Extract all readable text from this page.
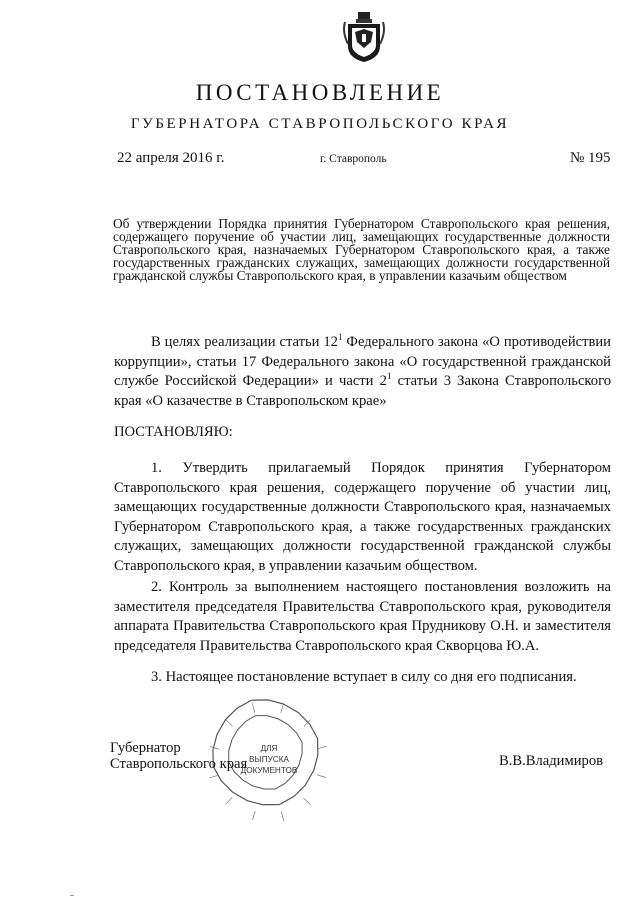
ПОСТАНОВЛЕНИЕ
ГУБЕРНАТОРА СТАВРОПОЛЬСКОГО КРАЯ
22 апреля 2016 г.	г. Ставрополь	№ 195

Об утверждении Порядка принятия Губернатором Ставропольского края решения, содержащего поручение об участии лиц, замещающих государственные должности Ставропольского края, назначаемых Губернатором Ставропольского края, а также государственных гражданских служащих, замещающих должности государственной гражданской службы Ставропольского края, в управлении казачьим обществом

В целях реализации статьи $12^1$ Федерального закона «О противодействии коррупции», статьи 17 Федерального закона «О государственной гражданской службе Российской Федерации» и части $2^1$ статьи 3 Закона Ставропольского края «О казачестве в Ставропольском крае»

ПОСТАНОВЛЯЮ:

1. Утвердить прилагаемый Порядок принятия Губернатором Ставропольского края решения, содержащего поручение об участии лиц, замещающих государственные должности Ставропольского края, назначаемых Губернатором Ставропольского края, а также государственных гражданских служащих, замещающих должности государственной гражданской службы Ставропольского края, в управлении казачьим обществом.

2. Контроль за выполнением настоящего постановления возложить на заместителя председателя Правительства Ставропольского края, руководителя аппарата Правительства Ставропольского края Прудникову О.Н. и заместителя председателя Правительства Ставропольского края Скворцова Ю.А.

3. Настоящее постановление вступает в силу со дня его подписания.

ДЛЯ
ВЫПУСКА
ДОКУМЕНТОВ
Губернатор
Ставропольского края	В.В.Владимиров
